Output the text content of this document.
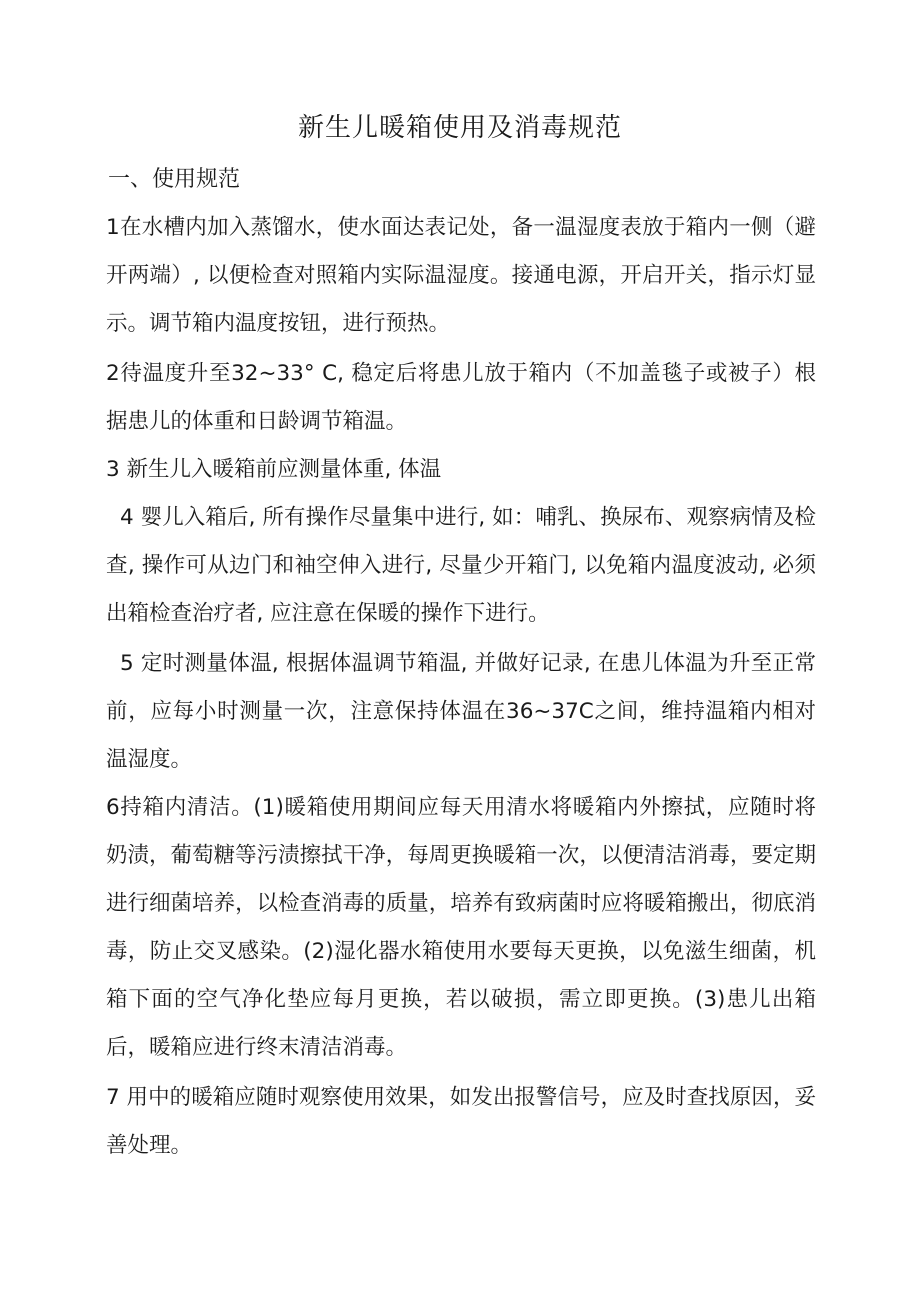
新生儿暖箱使用及消毒规范
一、使用规范

1在水槽内加入蒸馏水，使水面达表记处，备一温湿度表放于箱内一侧（避开两端）, 以便检查对照箱内实际温湿度。接通电源，开启开关，指示灯显示。调节箱内温度按钮，进行预热。

2待温度升至32~33° C, 稳定后将患儿放于箱内（不加盖毯子或被子）根据患儿的体重和日龄调节箱温。

3 新生儿入暖箱前应测量体重, 体温

4 婴儿入箱后, 所有操作尽量集中进行, 如：哺乳、换尿布、观察病情及检查, 操作可从边门和袖空伸入进行, 尽量少开箱门, 以免箱内温度波动, 必须出箱检查治疗者, 应注意在保暖的操作下进行。

5 定时测量体温, 根据体温调节箱温, 并做好记录, 在患儿体温为升至正常前，应每小时测量一次，注意保持体温在36~37C之间，维持温箱内相对温湿度。

6持箱内清洁。(1)暖箱使用期间应每天用清水将暖箱内外擦拭，应随时将奶渍，葡萄糖等污渍擦拭干净，每周更换暖箱一次，以便清洁消毒，要定期进行细菌培养，以检查消毒的质量，培养有致病菌时应将暖箱搬出，彻底消毒，防止交叉感染。(2)湿化器水箱使用水要每天更换，以免滋生细菌，机箱下面的空气净化垫应每月更换，若以破损，需立即更换。(3)患儿出箱后，暖箱应进行终末清洁消毒。

7 用中的暖箱应随时观察使用效果，如发出报警信号，应及时查找原因，妥善处理。
